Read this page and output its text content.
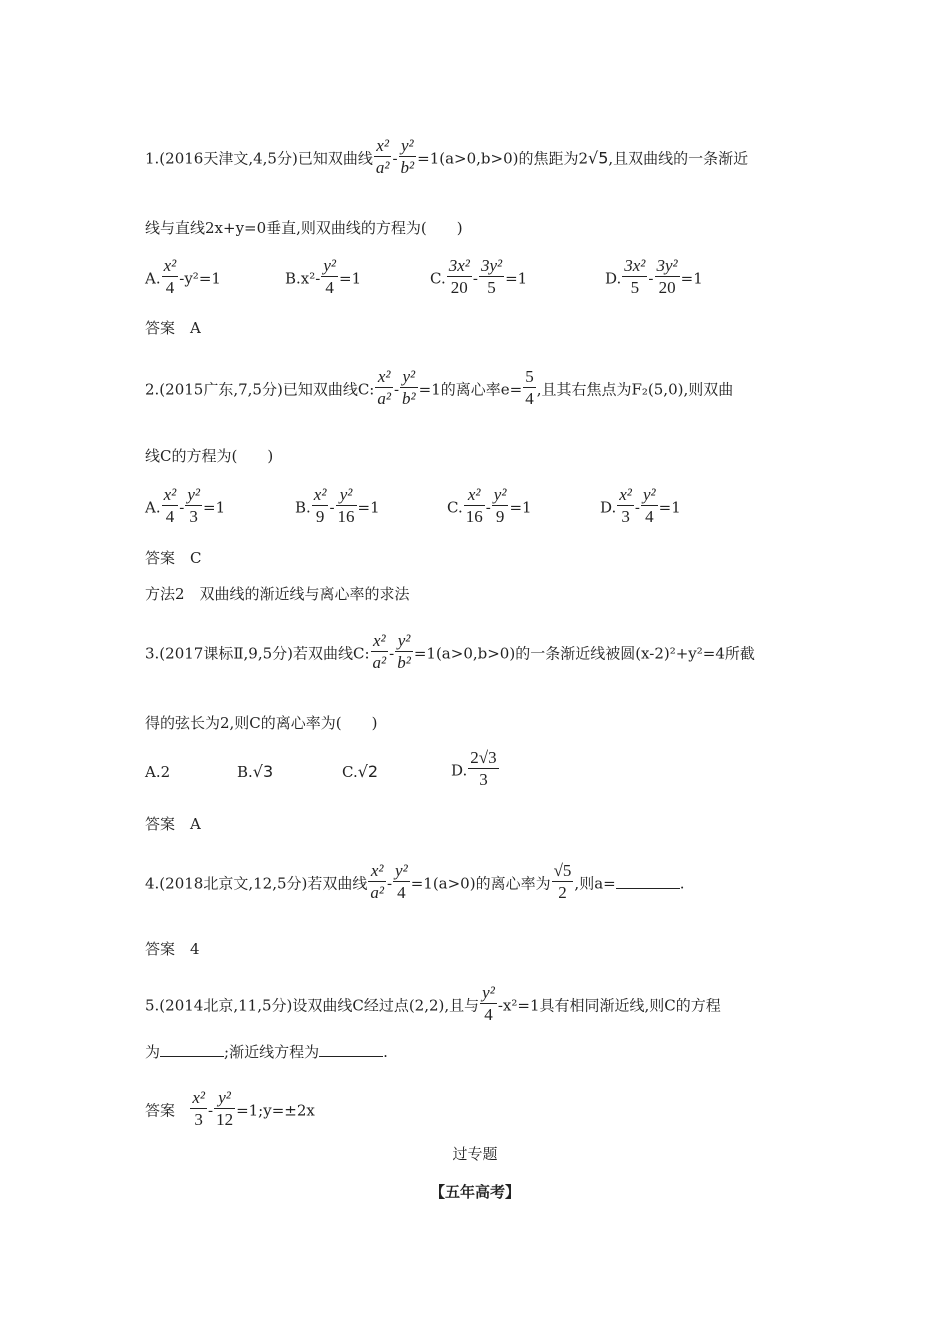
1.(2016天津文,4,5分)已知双曲线 $\frac{\text{x²}}{\text{a²}} - \frac{\text{y²}}{\text{b²}} =1(a>0,b>0)$的焦距为2√5,且双曲线的一条渐近
线与直线2x+y=0垂直,则双曲线的方程为(　　)
A. $\frac{\text{x²}}{4} -y^2=1$	$B.x^2- \frac{\text{y²}}{4} =1$	C. $\frac{\text{3x²}}{20} - \frac{\text{3y²}}{5} =1$	D. $\frac{\text{3x²}}{5} - \frac{\text{3y²}}{20} =1$
答案　A
2.(2015广东,7,5分)已知双曲线C: $\frac{\text{x²}}{\text{a²}} - \frac{\text{y²}}{\text{b²}} =1$的离心率$e= \frac{5}{4}$ ,且其右焦点为F₂(5,0),则双曲
线C的方程为(　　)
A. $\frac{\text{x²}}{4} - \frac{\text{y²}}{3} =1$	B. $\frac{\text{x²}}{9} - \frac{\text{y²}}{16} =1$	C. $\frac{\text{x²}}{16} - \frac{\text{y²}}{9} =1$	D. $\frac{\text{x²}}{3} - \frac{\text{y²}}{4} =1$
答案　C
方法2　双曲线的渐近线与离心率的求法
3.(2017课标Ⅱ,9,5分)若双曲线C: $\frac{\text{x²}}{\text{a²}} - \frac{\text{y²}}{\text{b²}} =1(a>0,b>0)$的一条渐近线被圆(x-2)²+y²=4所截
得的弦长为2,则C的离心率为(　　)
A.2	B.√3	C.√2	D. $\frac{2√3}{3}$
答案　A
4.(2018北京文,12,5分)若双曲线 $\frac{\text{x²}}{\text{a²}} - \frac{\text{y²}}{4} =1(a>0)$的离心率为 $\frac{√5}{2}$ ,则a=	.
答案　4
5.(2014北京,11,5分)设双曲线C经过点(2,2),且与 $\frac{\text{y²}}{4} -x^2=1$具有相同渐近线,则C的方程
为	;渐近线方程为	.
答案 $\frac{\text{x²}}{3} - \frac{\text{y²}}{12}$ =1;y=±2x
过专题
【五年高考】
